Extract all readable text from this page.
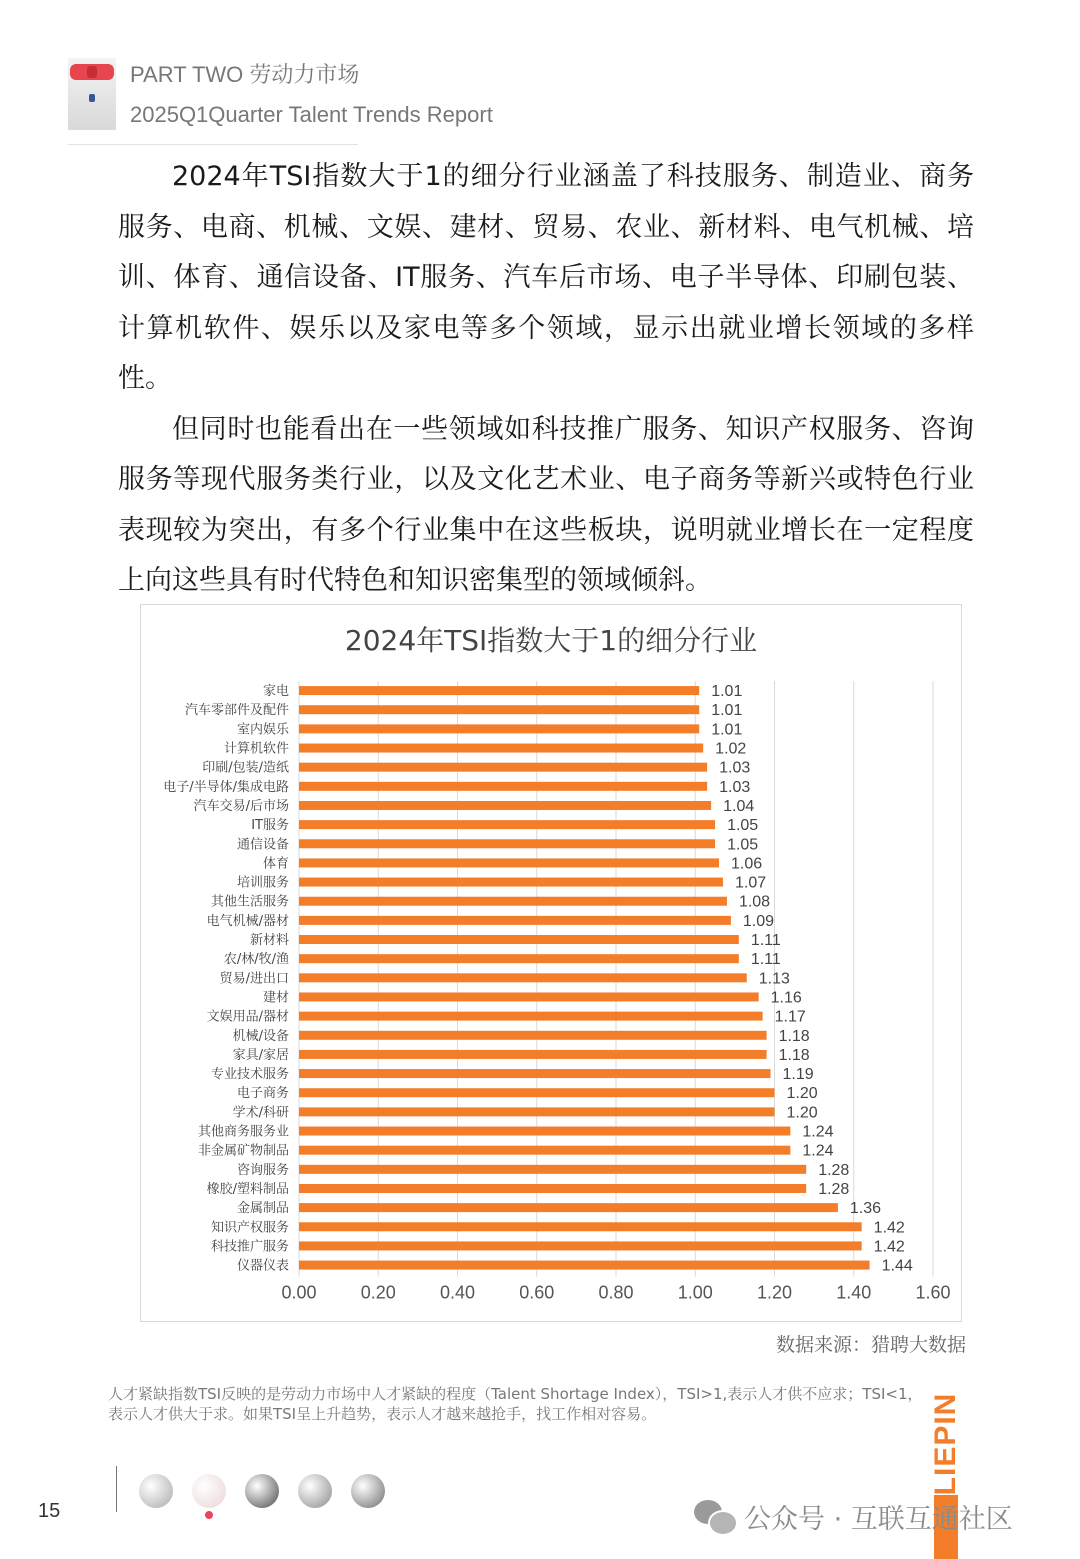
PART TWO 劳动力市场
2025Q1Quarter Talent Trends Report

2024年TSI指数大于1的细分行业涵盖了科技服务、制造业、商务服务、电商、机械、文娱、建材、贸易、农业、新材料、电气机械、培训、体育、通信设备、IT服务、汽车后市场、电子半导体、印刷包装、计算机软件、娱乐以及家电等多个领域，显示出就业增长领域的多样性。

但同时也能看出在一些领域如科技推广服务、知识产权服务、咨询服务等现代服务类行业，以及文化艺术业、电子商务等新兴或特色行业表现较为突出，有多个行业集中在这些板块，说明就业增长在一定程度上向这些具有时代特色和知识密集型的领域倾斜。

2024年TSI指数大于1的细分行业
0.00 0.20 0.40 0.60 0.80 1.00 1.20 1.40 1.60
家电	1.01
汽车零部件及配件	1.01
室内娱乐	1.01
计算机软件	1.02
印刷/包装/造纸	1.03
电子/半导体/集成电路	1.03
汽车交易/后市场	1.04
IT服务	1.05
通信设备	1.05
体育	1.06
培训服务	1.07
其他生活服务	1.08
电气机械/器材	1.09
新材料	1.11
农/林/牧/渔	1.11
贸易/进出口	1.13
建材	1.16
文娱用品/器材	1.17
机械/设备	1.18
家具/家居	1.18
专业技术服务	1.19
电子商务	1.20
学术/科研	1.20
其他商务服务业	1.24
非金属矿物制品	1.24
咨询服务	1.28
橡胶/塑料制品	1.28
金属制品	1.36
知识产权服务	1.42
科技推广服务	1.42
仪器仪表	1.44
数据来源：猎聘大数据
人才紧缺指数TSI反映的是劳动力市场中人才紧缺的程度（Talent Shortage Index），TSI>1,表示人才供不应求；TSI<1，表示人才供大于求。如果TSI呈上升趋势，表示人才越来越抢手，找工作相对容易。
15
LIEPIN
公众号 · 互联互通社区
